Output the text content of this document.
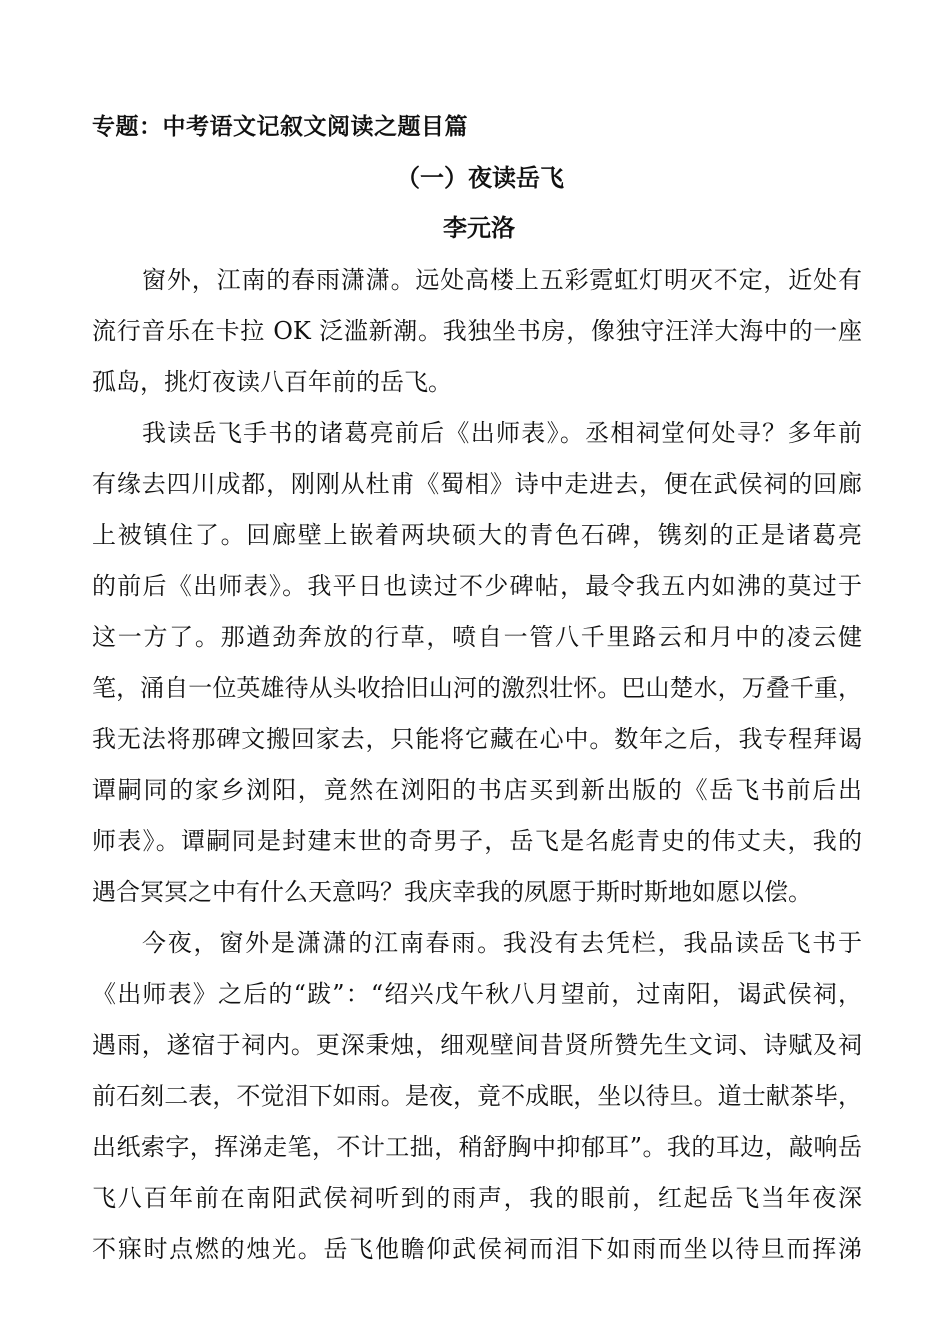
专题：中考语文记叙文阅读之题目篇
（一）夜读岳飞
李元洛
窗外，江南的春雨潇潇。远处高楼上五彩霓虹灯明灭不定，近处有
流行音乐在卡拉 OK 泛滥新潮。我独坐书房，像独守汪洋大海中的一座
孤岛，挑灯夜读八百年前的岳飞。
我读岳飞手书的诸葛亮前后《出师表》。丞相祠堂何处寻？多年前
有缘去四川成都，刚刚从杜甫《蜀相》诗中走进去，便在武侯祠的回廊
上被镇住了。回廊壁上嵌着两块硕大的青色石碑，镌刻的正是诸葛亮
的前后《出师表》。我平日也读过不少碑帖，最令我五内如沸的莫过于
这一方了。那遒劲奔放的行草，喷自一管八千里路云和月中的凌云健
笔，涌自一位英雄待从头收拾旧山河的激烈壮怀。巴山楚水，万叠千重，
我无法将那碑文搬回家去，只能将它藏在心中。数年之后，我专程拜谒
谭嗣同的家乡浏阳，竟然在浏阳的书店买到新出版的《岳飞书前后出
师表》。谭嗣同是封建末世的奇男子，岳飞是名彪青史的伟丈夫，我的
遇合冥冥之中有什么天意吗？我庆幸我的夙愿于斯时斯地如愿以偿。
今夜，窗外是潇潇的江南春雨。我没有去凭栏，我品读岳飞书于
《出师表》之后的“跋”：“绍兴戊午秋八月望前，过南阳，谒武侯祠，
遇雨，遂宿于祠内。更深秉烛，细观壁间昔贤所赞先生文词、诗赋及祠
前石刻二表，不觉泪下如雨。是夜，竟不成眠，坐以待旦。道士献茶毕，
出纸索字，挥涕走笔，不计工拙，稍舒胸中抑郁耳”。我的耳边，敲响岳
飞八百年前在南阳武侯祠听到的雨声，我的眼前，红起岳飞当年夜深
不寐时点燃的烛光。岳飞他瞻仰武侯祠而泪下如雨而坐以待旦而挥涕
